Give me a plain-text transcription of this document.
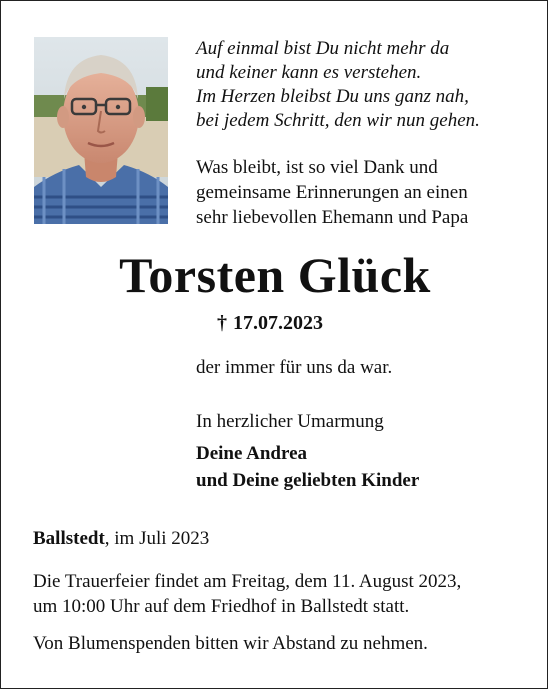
Auf einmal bist Du nicht mehr da
und keiner kann es verstehen.
Im Herzen bleibst Du uns ganz nah,
bei jedem Schritt, den wir nun gehen.
Was bleibt, ist so viel Dank und
gemeinsame Erinnerungen an einen
sehr liebevollen Ehemann und Papa
Torsten Glück
† 17.07.2023
der immer für uns da war.
In herzlicher Umarmung
Deine Andrea
und Deine geliebten Kinder
Ballstedt, im Juli 2023
Die Trauerfeier findet am Freitag, dem 11. August 2023,
um 10:00 Uhr auf dem Friedhof in Ballstedt statt.
Von Blumenspenden bitten wir Abstand zu nehmen.
